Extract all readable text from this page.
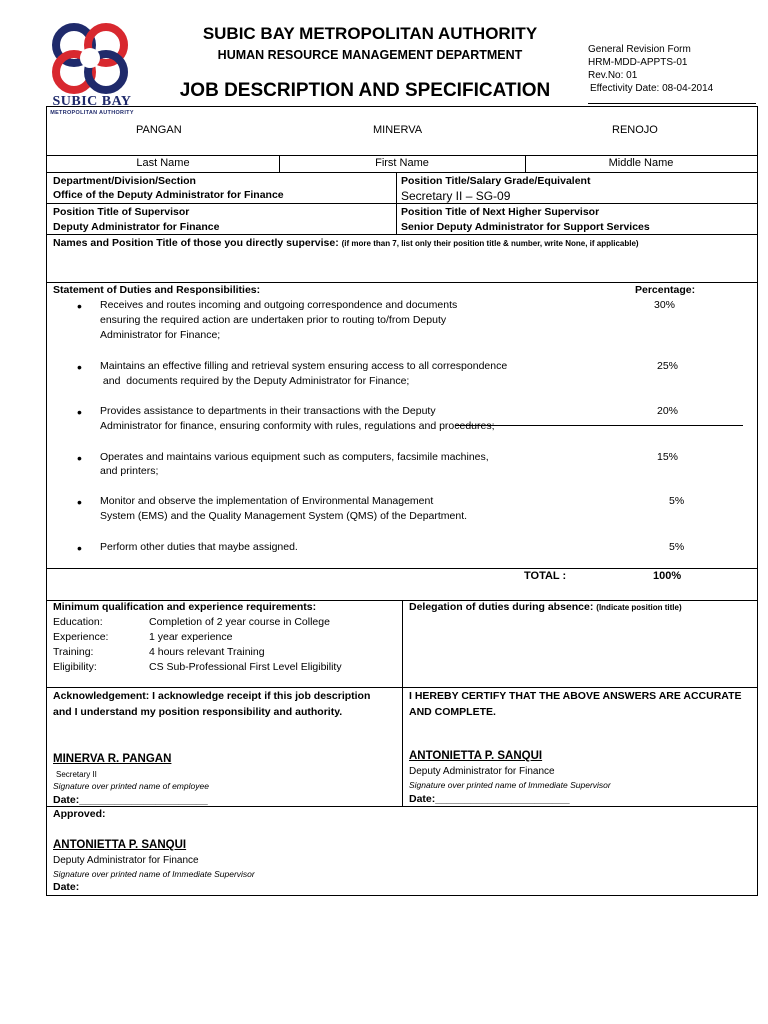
SUBIC BAY
METROPOLITAN AUTHORITY
SUBIC BAY METROPOLITAN AUTHORITY
HUMAN RESOURCE MANAGEMENT DEPARTMENT
JOB DESCRIPTION AND SPECIFICATION
General Revision Form
HRM-MDD-APPTS-01
Rev.No: 01
Effectivity Date: 08-04-2014
PANGAN	MINERVA	RENOJO
Last Name	First Name	Middle Name
Department/Division/Section
Office of the Deputy Administrator for Finance
Position Title/Salary Grade/Equivalent
Secretary II – SG-09
Position Title of Supervisor
Deputy Administrator for Finance
Position Title of Next Higher Supervisor
Senior Deputy Administrator for Support Services
Names and Position Title of those you directly supervise: (if more than 7, list only their position title & number, write None, if applicable)
Statement of Duties and Responsibilities:	Percentage:
• Receives and routes incoming and outgoing correspondence and documents
ensuring the required action are undertaken prior to routing to/from Deputy
Administrator for Finance;
30%
• Maintains an effective filling and retrieval system ensuring access to all correspondence
and  documents required by the Deputy Administrator for Finance;
25%
• Provides assistance to departments in their transactions with the Deputy
Administrator for finance, ensuring conformity with rules, regulations and procedures;
20%
• Operates and maintains various equipment such as computers, facsimile machines,
and printers;
15%
• Monitor and observe the implementation of Environmental Management
System (EMS) and the Quality Management System (QMS) of the Department.
5%
• Perform other duties that maybe assigned.	5%
TOTAL :	100%
Minimum qualification and experience requirements:
Education:	Completion of 2 year course in College
Experience:	1 year experience
Training:	4 hours relevant Training
Eligibility:	CS Sub-Professional First Level Eligibility
Delegation of duties during absence: (Indicate position title)
Acknowledgement: I acknowledge receipt if this job description
and I understand my position responsibility and authority.
MINERVA R. PANGAN
Secretary II
Signature over printed name of employee
Date:______________________
I HEREBY CERTIFY THAT THE ABOVE ANSWERS ARE ACCURATE
AND COMPLETE.
ANTONIETTA P. SANQUI
Deputy Administrator for Finance
Signature over printed name of Immediate Supervisor
Date:_______________________
Approved:
ANTONIETTA P. SANQUI
Deputy Administrator for Finance
Signature over printed name of Immediate Supervisor
Date:
